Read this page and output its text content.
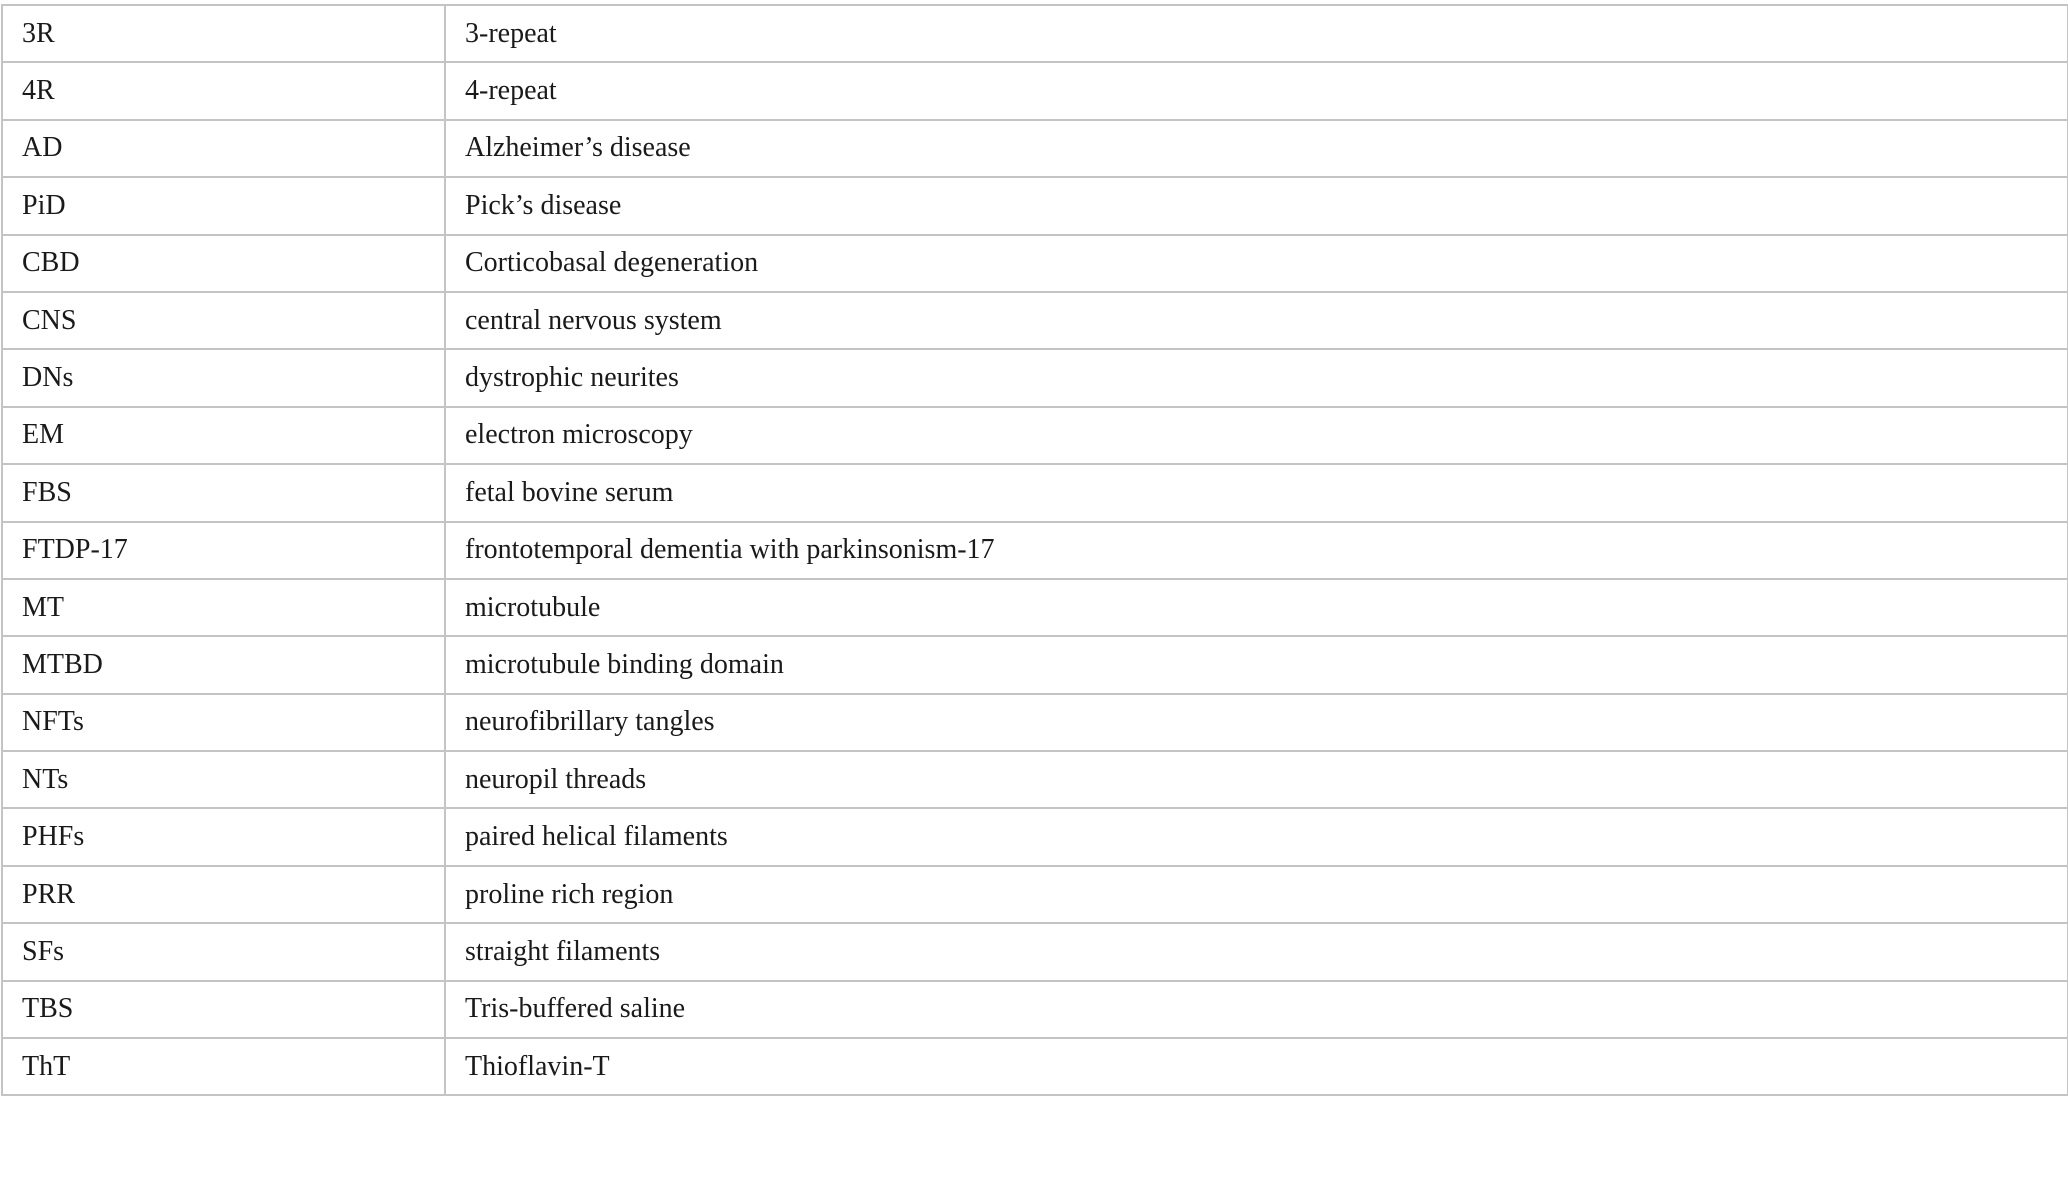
3R	3-repeat
4R	4-repeat
AD	Alzheimer’s disease
PiD	Pick’s disease
CBD	Corticobasal degeneration
CNS	central nervous system
DNs	dystrophic neurites
EM	electron microscopy
FBS	fetal bovine serum
FTDP-17	frontotemporal dementia with parkinsonism-17
MT	microtubule
MTBD	microtubule binding domain
NFTs	neurofibrillary tangles
NTs	neuropil threads
PHFs	paired helical filaments
PRR	proline rich region
SFs	straight filaments
TBS	Tris-buffered saline
ThT	Thioflavin-T
